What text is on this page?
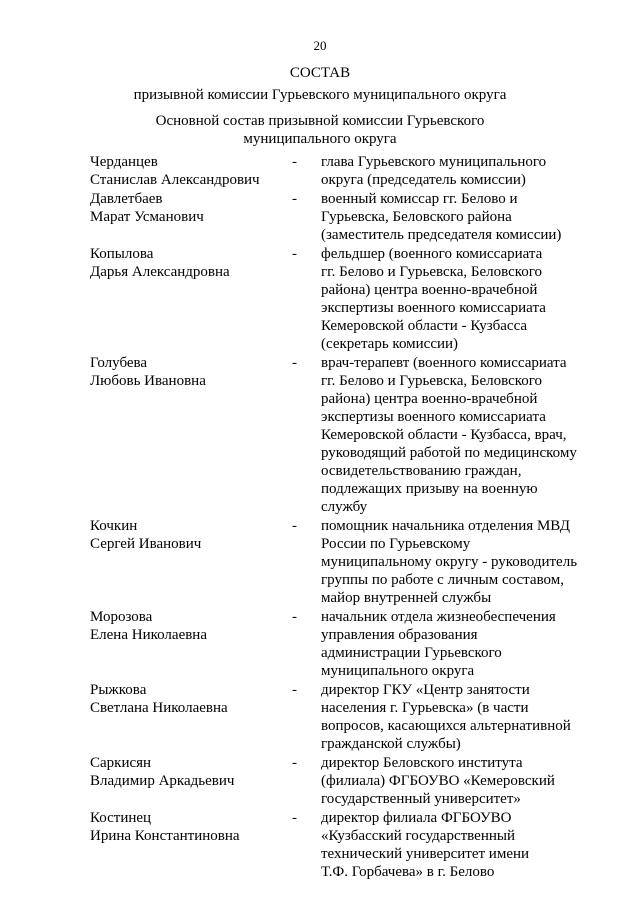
20
СОСТАВ
призывной комиссии Гурьевского муниципального округа
Основной состав призывной комиссии Гурьевского
муниципального округа
Черданцев
Станислав Александрович
-	глава Гурьевского муниципального
округа (председатель комиссии)
Давлетбаев
Марат Усманович
-	военный комиссар гг. Белово и
Гурьевска, Беловского района
(заместитель председателя комиссии)
Копылова
Дарья Александровна
-	фельдшер (военного комиссариата
гг. Белово и Гурьевска, Беловского
района) центра военно-врачебной
экспертизы военного комиссариата
Кемеровской области - Кузбасса
(секретарь комиссии)
Голубева
Любовь Ивановна
-	врач-терапевт (военного комиссариата
гг. Белово и Гурьевска, Беловского
района) центра военно-врачебной
экспертизы военного комиссариата
Кемеровской области - Кузбасса, врач,
руководящий работой по медицинскому
освидетельствованию граждан,
подлежащих призыву на военную
службу
Кочкин
Сергей Иванович
-	помощник начальника отделения МВД
России по Гурьевскому
муниципальному округу - руководитель
группы по работе с личным составом,
майор внутренней службы
Морозова
Елена Николаевна
-	начальник отдела жизнеобеспечения
управления образования
администрации Гурьевского
муниципального округа
Рыжкова
Светлана Николаевна
-	директор ГКУ «Центр занятости
населения г. Гурьевска» (в части
вопросов, касающихся альтернативной
гражданской службы)
Саркисян
Владимир Аркадьевич
-	директор Беловского института
(филиала) ФГБОУВО «Кемеровский
государственный университет»
Костинец
Ирина Константиновна
-	директор филиала ФГБОУВО
«Кузбасский государственный
технический университет имени
Т.Ф. Горбачева» в г. Белово
